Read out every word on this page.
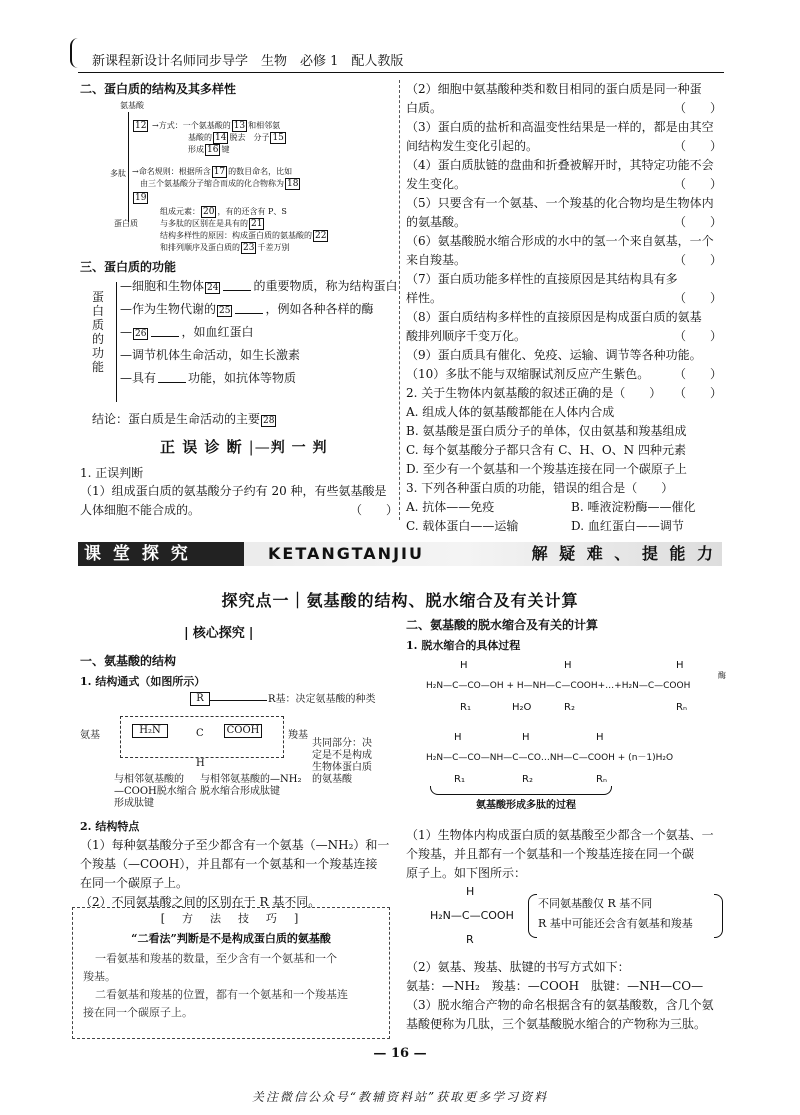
新课程新设计名师同步导学　生物　必修 1　配人教版
二、蛋白质的结构及其多样性
氨基酸
12 →方式：一个氨基酸的 13 和相邻氨
基酸的 14 脱去　分子 15
形成 16 键
多肽 →命名规则：根据所含 17 的数目命名，比如
由三个氨基酸分子缩合而成的化合物称为 18
19
蛋白质
组成元素： 20 ，有的还含有 P、S
与多肽的区别在是具有的 21
结构多样性的原因：构成蛋白质的氨基酸的 22
和排列顺序及蛋白质的 23 千差万别
三、蛋白质的功能
蛋白质的功能
—细胞和生物体 24	的重要物质，称为结构蛋白
—作为生物代谢的 25	，例如各种各样的酶
— 26	，如血红蛋白
—调节机体生命活动，如生长激素
—具有	功能，如抗体等物质
结论：蛋白质是生命活动的主要 28
正 误 诊 断 |—判 一 判
1. 正误判断
（1）组成蛋白质的氨基酸分子约有 20 种，有些氨基酸是
人体细胞不能合成的。	（　　）
（2）细胞中氨基酸种类和数目相同的蛋白质是同一种蛋
白质。	（　　）
（3）蛋白质的盐析和高温变性结果是一样的，都是由其空
间结构发生变化引起的。	（　　）
（4）蛋白质肽链的盘曲和折叠被解开时，其特定功能不会
发生变化。	（　　）
（5）只要含有一个氨基、一个羧基的化合物均是生物体内
的氨基酸。	（　　）
（6）氨基酸脱水缩合形成的水中的氢一个来自氨基，一个
来自羧基。	（　　）
（7）蛋白质功能多样性的直接原因是其结构具有多
样性。	（　　）
（8）蛋白质结构多样性的直接原因是构成蛋白质的氨基
酸排列顺序千变万化。	（　　）
（9）蛋白质具有催化、免疫、运输、调节等各种功能。
（　　）
（10）多肽不能与双缩脲试剂反应产生紫色。
（　　）
2. 关于生物体内氨基酸的叙述正确的是（　　）
A. 组成人体的氨基酸都能在人体内合成
B. 氨基酸是蛋白质分子的单体，仅由氨基和羧基组成
C. 每个氨基酸分子都只含有 C、H、O、N 四种元素
D. 至少有一个氨基和一个羧基连接在同一个碳原子上
3. 下列各种蛋白质的功能，错误的组合是（　　）
A. 抗体——免疫	B. 唾液淀粉酶——催化
C. 载体蛋白——运输	D. 血红蛋白——调节
课 堂 探 究	KETANGTANJIU	解 疑 难 、 提 能 力
探究点一｜氨基酸的结构、脱水缩合及有关计算
| 核心探究 |
一、氨基酸的结构
1. 结构通式（如图所示）
R	R基：决定氨基酸的种类
氨基	H₂N	C COOH	羧基
H
共同部分：决
定是不是构成
生物体蛋白质
的氨基酸
与相邻氨基酸的
—COOH脱水缩合
形成肽键
与相邻氨基酸的—NH₂
脱水缩合形成肽键
2. 结构特点
（1）每种氨基酸分子至少都含有一个氨基（—NH₂）和一
个羧基（—COOH），并且都有一个氨基和一个羧基连接
在同一个碳原子上。
（2）不同氨基酸之间的区别在于 R 基不同。
[　方　法　技　巧　]
“二看法”判断是不是构成蛋白质的氨基酸
一看氨基和羧基的数量，至少含有一个氨基和一个
羧基。
二看氨基和羧基的位置，都有一个氨基和一个羧基连
接在同一个碳原子上。
二、氨基酸的脱水缩合及有关的计算
1. 脱水缩合的具体过程
H	H	H
H₂N—C—CO—OH + H—NH—C—COOH+…+H₂N—C—COOH
酶
R₁	H₂O	R₂	Rₙ
H	H	H
H₂N—C—CO—NH—C—CO…NH—C—COOH + (n－1)H₂O
R₁	R₂	Rₙ
氨基酸形成多肽的过程
（1）生物体内构成蛋白质的氨基酸至少都含一个氨基、一
个羧基，并且都有一个氨基和一个羧基连接在同一个碳
原子上。如下图所示：
H
H₂N—C—COOH
R
不同氨基酸仅 R 基不同
R 基中可能还会含有氨基和羧基
（2）氨基、羧基、肽键的书写方式如下：
氨基：—NH₂　羧基：—COOH　肽键：—NH—CO—
（3）脱水缩合产物的命名根据含有的氨基酸数，含几个氨
基酸便称为几肽，三个氨基酸脱水缩合的产物称为三肽。
— 16 —
关注微信公众号“教辅资料站”获取更多学习资料
